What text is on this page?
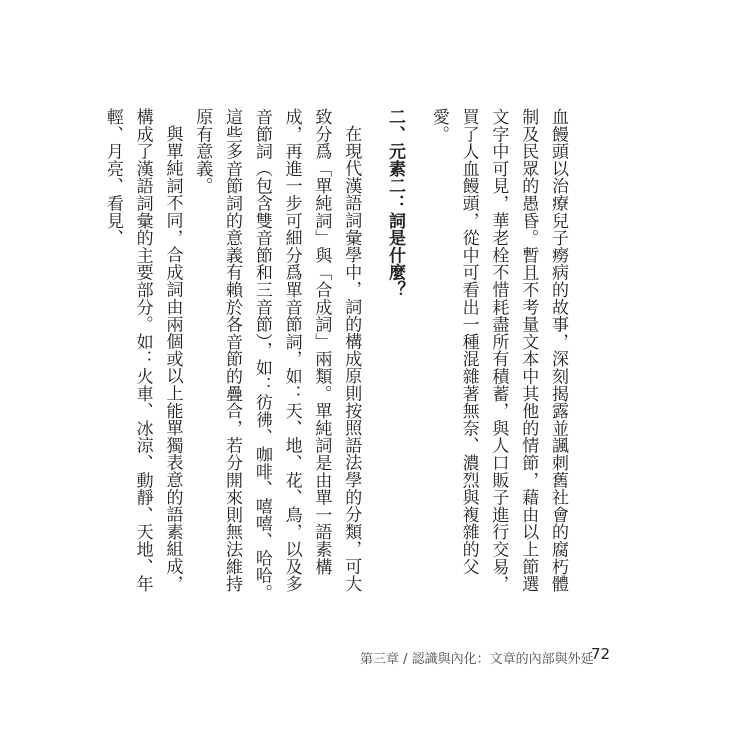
血饅頭以治療兒子癆病的故事，深刻揭露並諷刺舊社會的腐朽體制及民眾的愚昏。暫且不考量文本中其他的情節，藉由以上節選文字中可見，華老栓不惜耗盡所有積蓄，與人口販子進行交易，買了人血饅頭，從中可看出一種混雜著無奈、濃烈與複雜的父愛。

二、元素二：詞是什麼？

在現代漢語詞彙學中，詞的構成原則按照語法學的分類，可大致分爲「單純詞」與「合成詞」兩類。單純詞是由單一語素構成，再進一步可細分爲單音節詞，如：天、地、花、鳥，以及多音節詞（包含雙音節和三音節），如：彷彿、咖啡、嘻嘻、哈哈。這些多音節詞的意義有賴於各音節的疊合，若分開來則無法維持原有意義。

與單純詞不同，合成詞由兩個或以上能單獨表意的語素組成，構成了漢語詞彙的主要部分。如：火車、冰涼、動靜、天地、年輕、月亮、看見、

第三章 / 認識與內化：文章的內部與外延
72
